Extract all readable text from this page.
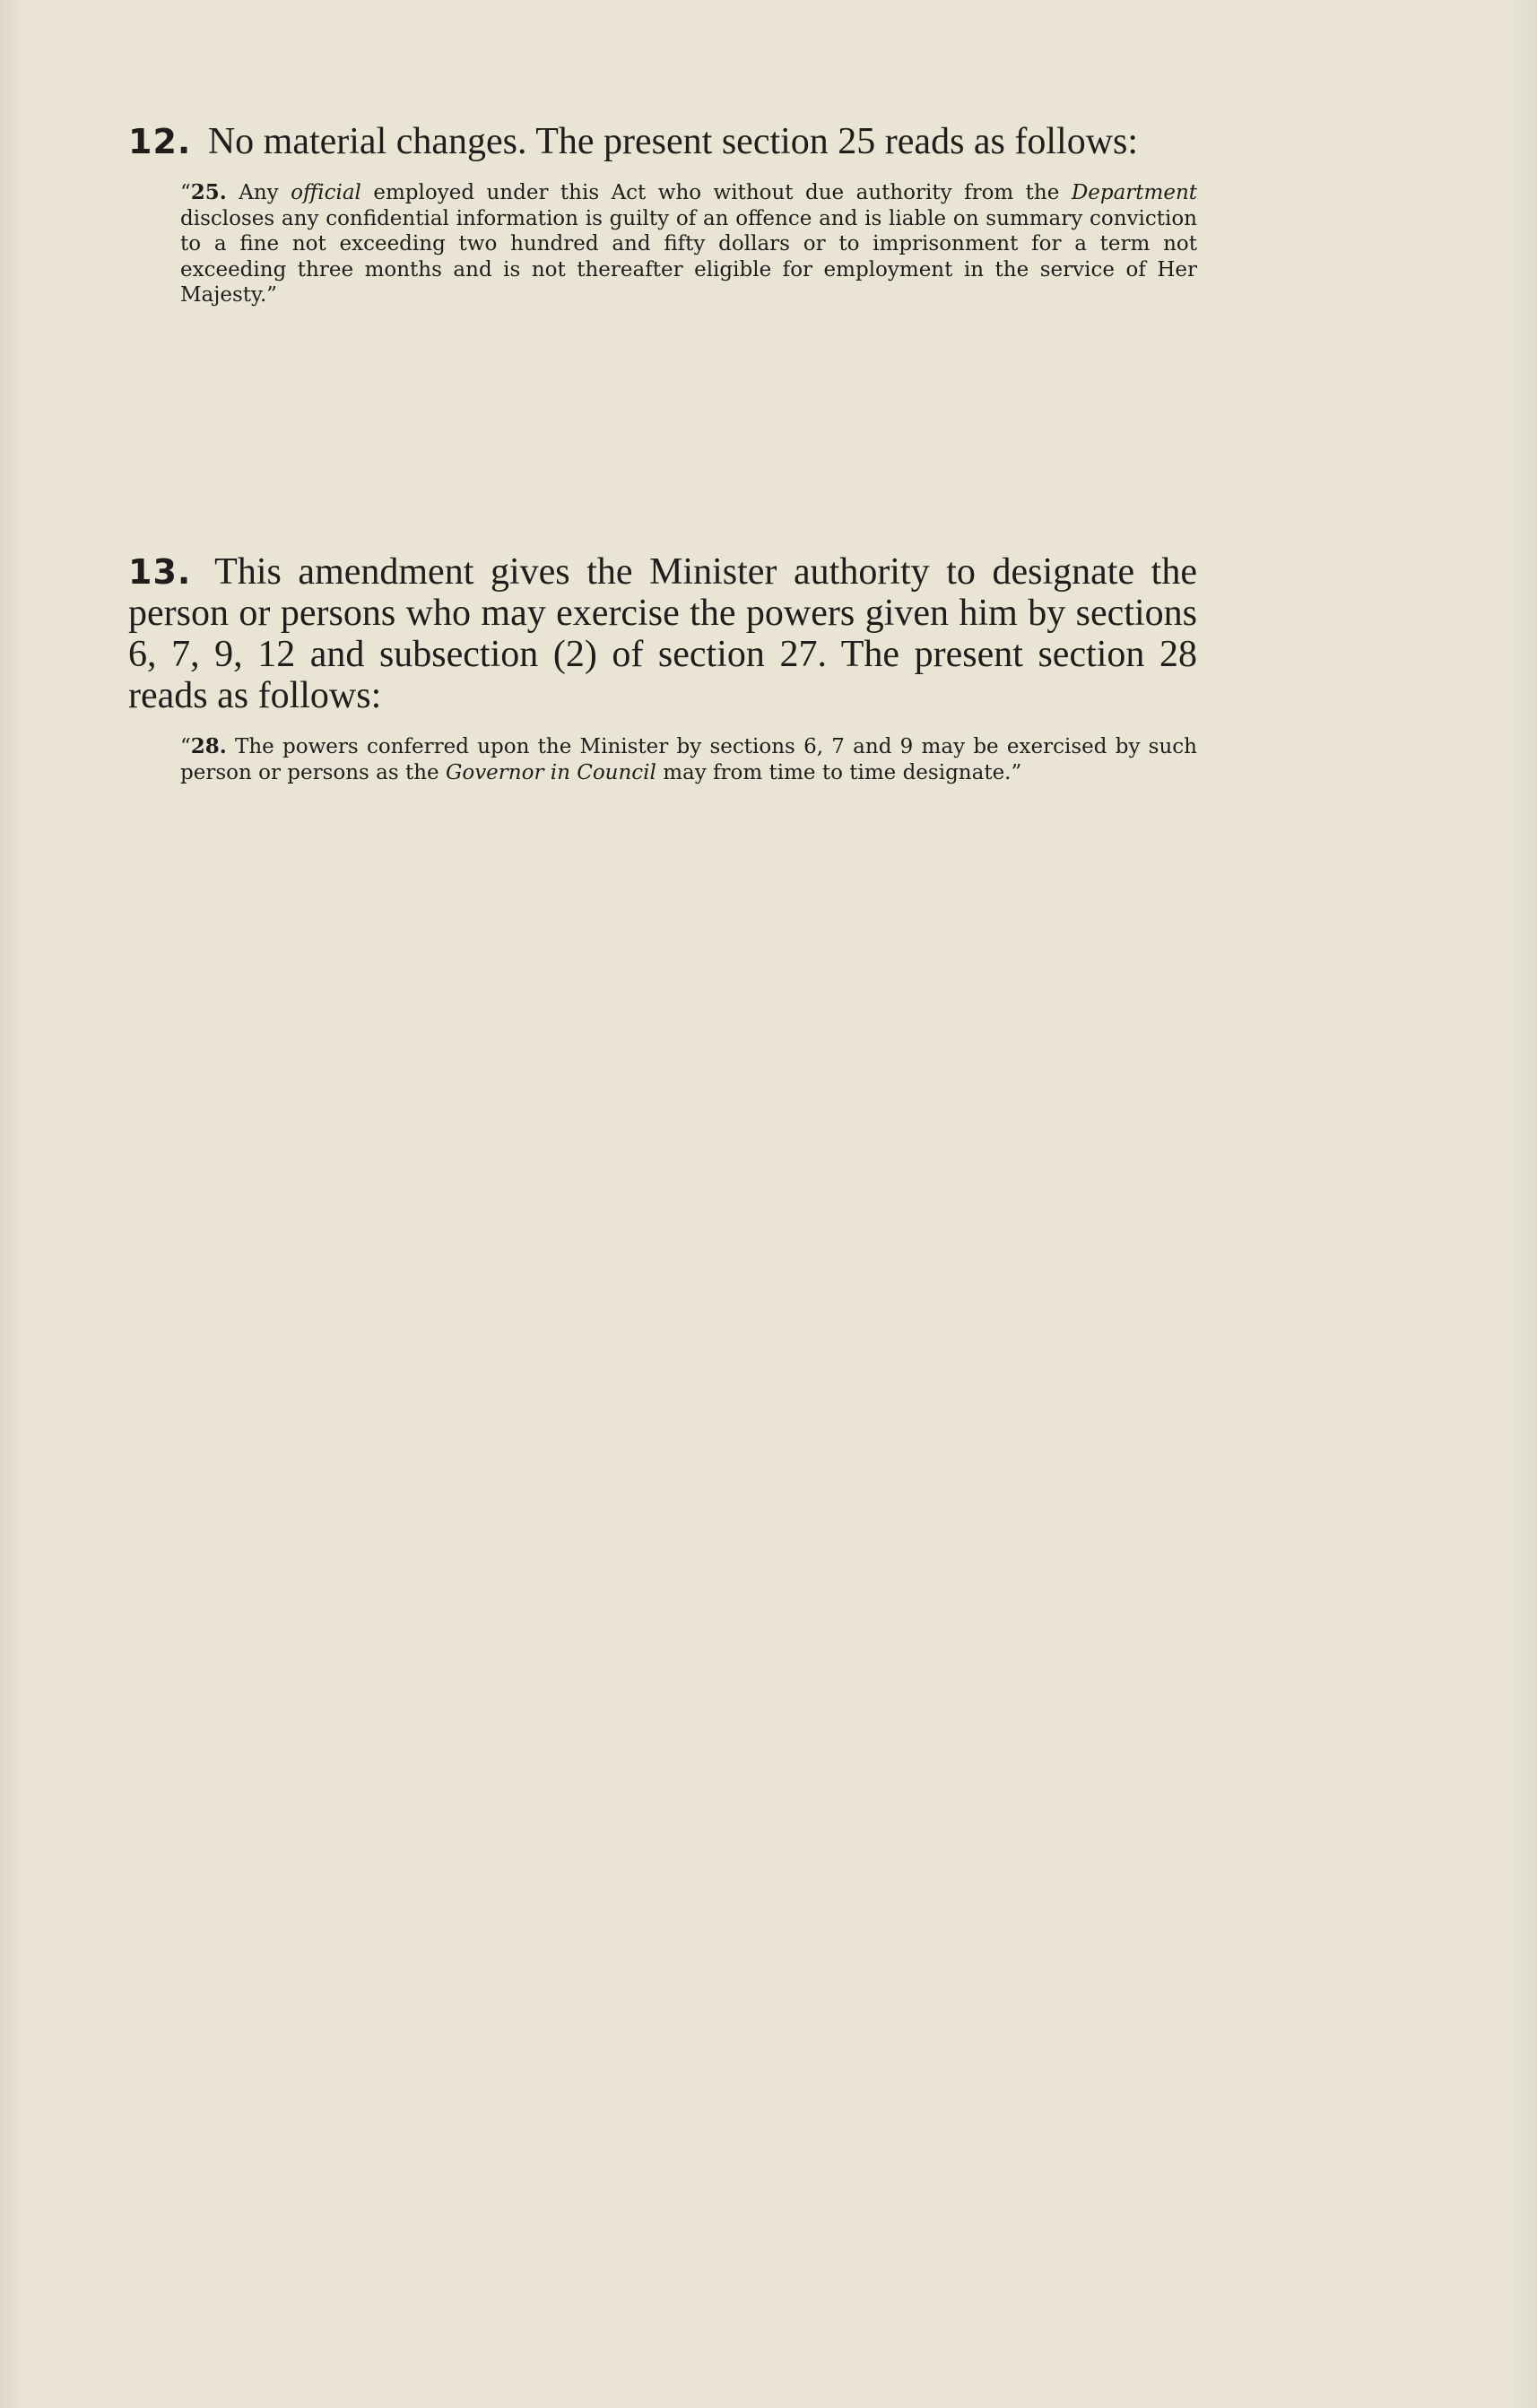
12. No material changes. The present section 25 reads as follows:

“25. Any official employed under this Act who without due authority from the Department discloses any confidential information is guilty of an offence and is liable on summary conviction to a fine not exceeding two hundred and fifty dollars or to imprisonment for a term not exceeding three months and is not thereafter eligible for employment in the service of Her Majesty.”

13. This amendment gives the Minister authority to designate the person or persons who may exercise the powers given him by sections 6, 7, 9, 12 and subsection (2) of section 27. The present section 28 reads as follows:

“28. The powers conferred upon the Minister by sections 6, 7 and 9 may be exercised by such person or persons as the Governor in Council may from time to time designate.”
